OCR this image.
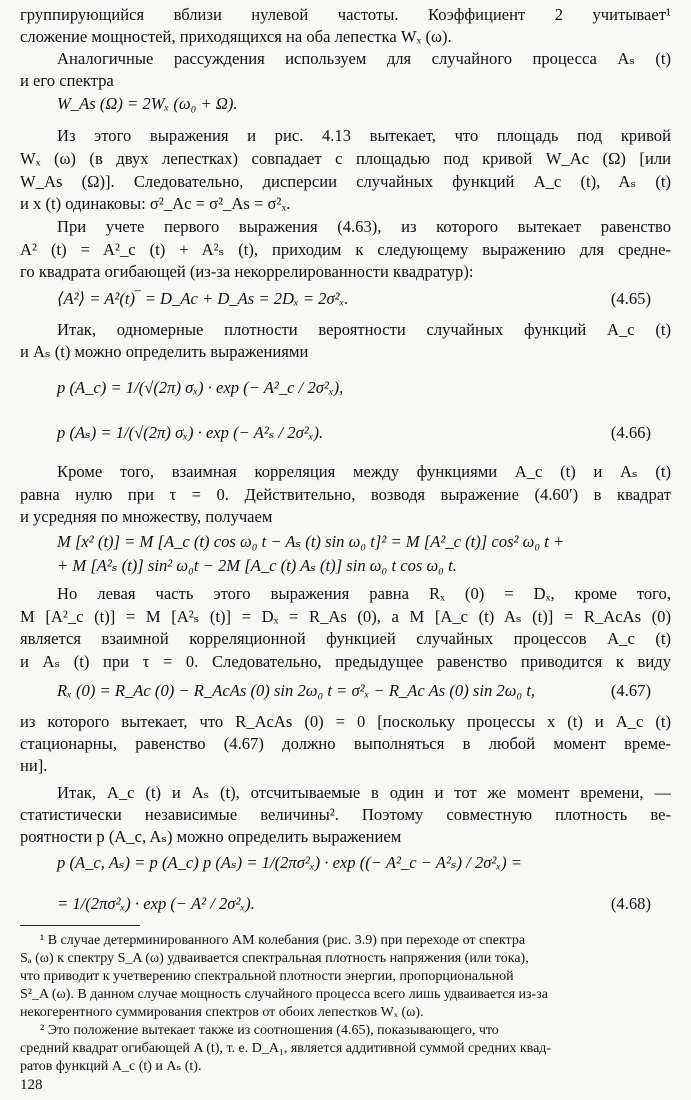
группирующийся вблизи нулевой частоты. Коэффициент 2 учитывает¹
сложение мощностей, приходящихся на оба лепестка Wₓ (ω).
Аналогичные рассуждения используем для случайного процесса Aₛ (t)
и его спектра
W_As (Ω) = 2Wₓ (ω₀ + Ω).
Из этого выражения и рис. 4.13 вытекает, что площадь под кривой
Wₓ (ω) (в двух лепестках) совпадает с площадью под кривой W_Ac (Ω) [или
W_As (Ω)]. Следовательно, дисперсии случайных функций A_c (t), Aₛ (t)
и x (t) одинаковы: σ²_Ac = σ²_As = σ²ₓ.
При учете первого выражения (4.63), из которого вытекает равенство
A² (t) = A²_c (t) + A²ₛ (t), приходим к следующему выражению для средне-
го квадрата огибающей (из-за некоррелированности квадратур):
⟨A²⟩ = A²(t)‾ = D_Ac + D_As = 2Dₓ = 2σ²ₓ.	(4.65)
Итак, одномерные плотности вероятности случайных функций A_c (t)
и Aₛ (t) можно определить выражениями
p (A_c) = 1/(√(2π) σₓ) · exp (− A²_c / 2σ²ₓ),
p (Aₛ) = 1/(√(2π) σₓ) · exp (− A²ₛ / 2σ²ₓ).	(4.66)
Кроме того, взаимная корреляция между функциями A_c (t) и Aₛ (t)
равна нулю при τ = 0. Действительно, возводя выражение (4.60′) в квадрат
и усредняя по множеству, получаем
M [x² (t)] = M [A_c (t) cos ω₀ t − Aₛ (t) sin ω₀ t]² = M [A²_c (t)] cos² ω₀ t +
+ M [A²ₛ (t)] sin² ω₀t − 2M [A_c (t) Aₛ (t)] sin ω₀ t cos ω₀ t.
Но левая часть этого выражения равна Rₓ (0) = Dₓ, кроме того,
M [A²_c (t)] = M [A²ₛ (t)] = Dₓ = R_As (0), а M [A_c (t) Aₛ (t)] = R_AcAs (0)
является взаимной корреляционной функцией случайных процессов A_c (t)
и Aₛ (t) при τ = 0. Следовательно, предыдущее равенство приводится к виду
Rₓ (0) = R_Ac (0) − R_AcAs (0) sin 2ω₀ t = σ²ₓ − R_Ac As (0) sin 2ω₀ t,	(4.67)
из которого вытекает, что R_AcAs (0) = 0 [поскольку процессы x (t) и A_c (t)
стационарны, равенство (4.67) должно выполняться в любой момент време-
ни].
Итак, A_c (t) и Aₛ (t), отсчитываемые в один и тот же момент времени, —
статистически независимые величины². Поэтому совместную плотность ве-
роятности p (A_c, Aₛ) можно определить выражением
p (A_c, Aₛ) = p (A_c) p (Aₛ) = 1/(2πσ²ₓ) · exp ((− A²_c − A²ₛ) / 2σ²ₓ) =
= 1/(2πσ²ₓ) · exp (− A² / 2σ²ₓ).	(4.68)
¹ В случае детерминированного АМ колебания (рис. 3.9) при переходе от спектра
Sₐ (ω) к спектру S_A (ω) удваивается спектральная плотность напряжения (или тока),
что приводит к учетверению спектральной плотности энергии, пропорциональной
S²_A (ω). В данном случае мощность случайного процесса всего лишь удваивается из-за
некогерентного суммирования спектров от обоих лепестков Wₓ (ω).
² Это положение вытекает также из соотношения (4.65), показывающего, что
средний квадрат огибающей A (t), т. е. D_A₁, является аддитивной суммой средних квад-
ратов функций A_c (t) и Aₛ (t).
128
